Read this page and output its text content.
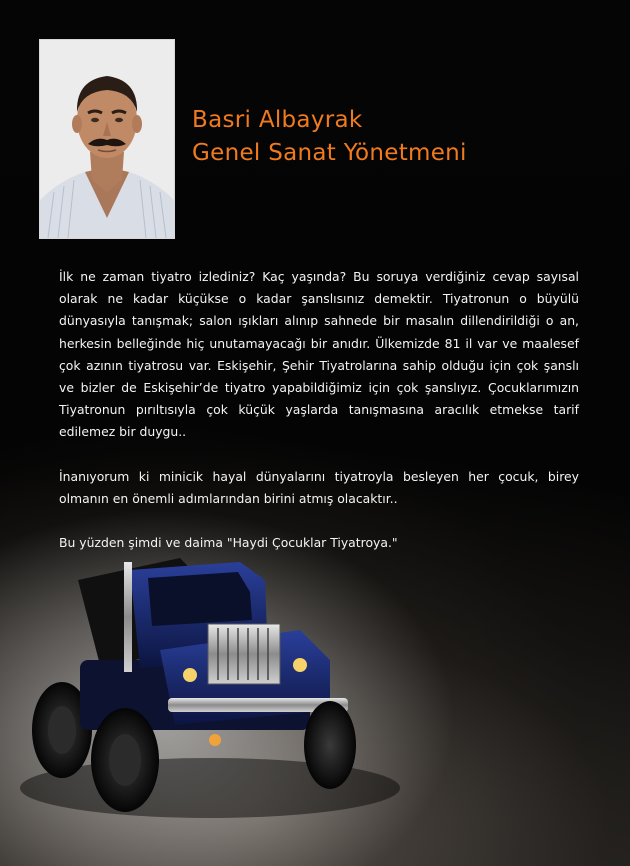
Basri Albayrak
Genel Sanat Yönetmeni

İlk ne zaman tiyatro izlediniz? Kaç yaşında? Bu soruya verdiğiniz cevap sayısal olarak ne kadar küçükse o kadar şanslısınız demektir. Tiyatronun o büyülü dünyasıyla tanışmak; salon ışıkları alınıp sahnede bir masalın dillendirildiği o an, herkesin belleğinde hiç unutamayacağı bir anıdır. Ülkemizde 81 il var ve maalesef çok azının tiyatrosu var. Eskişehir, Şehir Tiyatrolarına sahip olduğu için çok şanslı ve bizler de Eskişehir’de tiyatro yapabildiğimiz için çok şanslıyız. Çocuklarımızın Tiyatronun pırıltısıyla çok küçük yaşlarda tanışmasına aracılık etmekse tarif edilemez bir duygu..

İnanıyorum ki minicik hayal dünyalarını tiyatroyla besleyen her çocuk, birey olmanın en önemli adımlarından birini atmış olacaktır..

Bu yüzden şimdi ve daima "Haydi Çocuklar Tiyatroya."
